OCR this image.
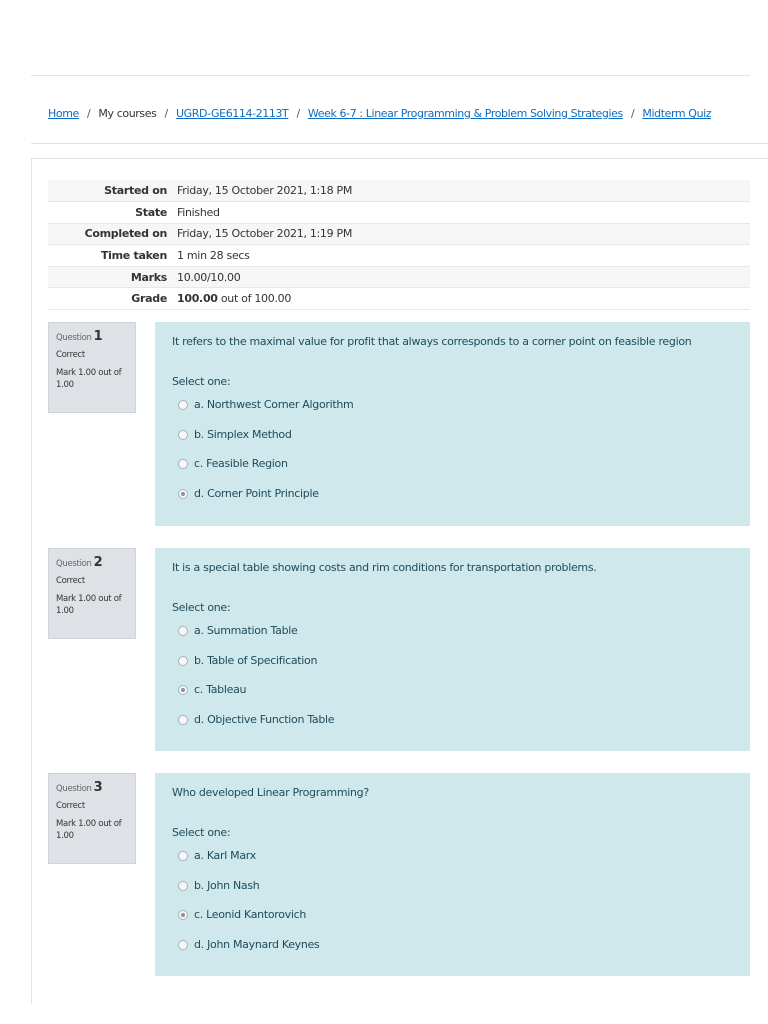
Home / My courses / UGRD-GE6114-2113T / Week 6-7 : Linear Programming & Problem Solving Strategies / Midterm Quiz
Started on	Friday, 15 October 2021, 1:18 PM
State	Finished
Completed on	Friday, 15 October 2021, 1:19 PM
Time taken	1 min 28 secs
Marks	10.00/10.00
Grade	100.00 out of 100.00
Question 1
Correct
Mark 1.00 out of 1.00
It refers to the maximal value for profit that always corresponds to a corner point on feasible region
Select one:
a. Northwest Corner Algorithm
b. Simplex Method
c. Feasible Region
d. Corner Point Principle
Question 2
Correct
Mark 1.00 out of 1.00
It is a special table showing costs and rim conditions for transportation problems.
Select one:
a. Summation Table
b. Table of Specification
c. Tableau
d. Objective Function Table
Question 3
Correct
Mark 1.00 out of 1.00
Who developed Linear Programming?
Select one:
a. Karl Marx
b. John Nash
c. Leonid Kantorovich
d. John Maynard Keynes
